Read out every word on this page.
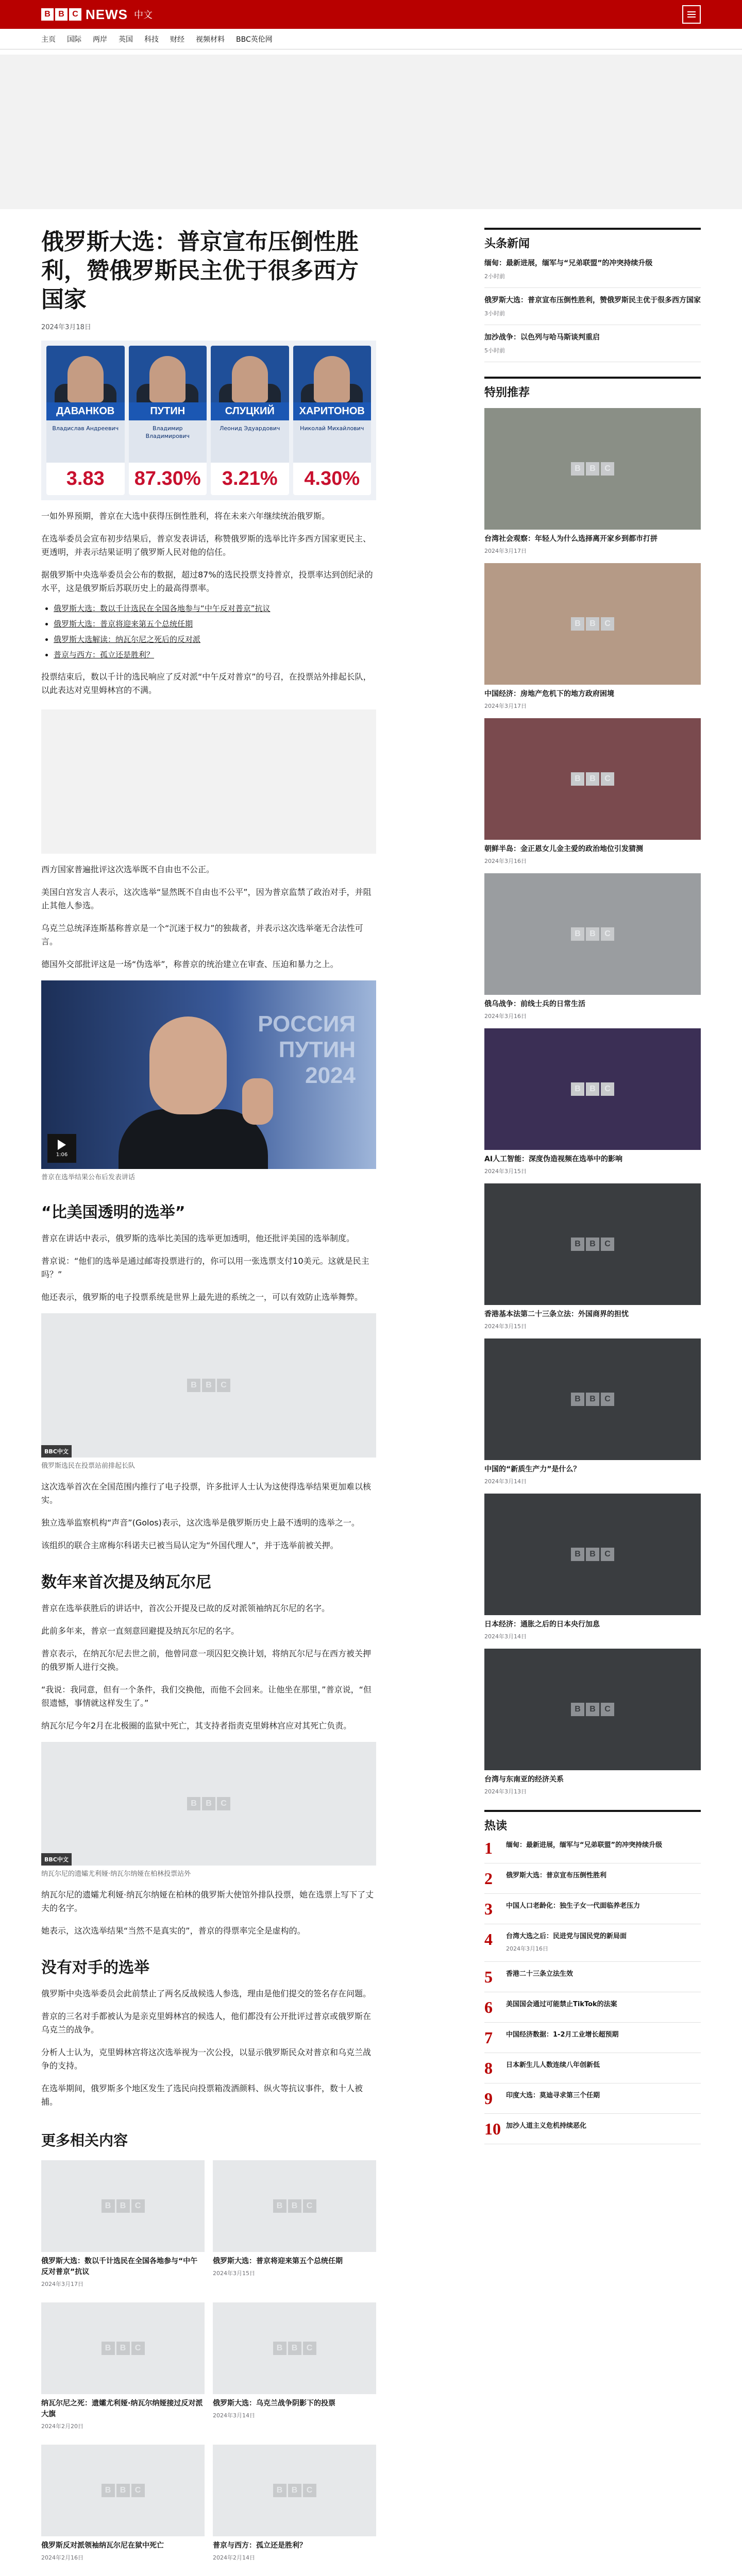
B B C NEWS 中文
主页 国际 两岸 英国 科技 财经 视频材料 BBC英伦网
俄罗斯大选：普京宣布压倒性胜利，赞俄罗斯民主优于很多西方国家
2024年3月18日
ДАВАНКОВ
Владислав Андреевич
3.83
ПУТИН
Владимир Владимирович
87.30%
СЛУЦКИЙ
Леонид Эдуардович
3.21%
ХАРИТОНОВ
Николай Михайлович
4.30%

一如外界预期，普京在大选中获得压倒性胜利，将在未来六年继续统治俄罗斯。

在选举委员会宣布初步结果后，普京发表讲话，称赞俄罗斯的选举比许多西方国家更民主、更透明，并表示结果证明了俄罗斯人民对他的信任。

据俄罗斯中央选举委员会公布的数据，超过87%的选民投票支持普京，投票率达到创纪录的水平，这是俄罗斯后苏联历史上的最高得票率。

• 俄罗斯大选：数以千计选民在全国各地参与“中午反对普京”抗议
• 俄罗斯大选：普京将迎来第五个总统任期
• 俄罗斯大选解读：纳瓦尔尼之死后的反对派
• 普京与西方：孤立还是胜利？

投票结束后，数以千计的选民响应了反对派“中午反对普京”的号召，在投票站外排起长队，以此表达对克里姆林宫的不满。

西方国家普遍批评这次选举既不自由也不公正。

美国白宫发言人表示，这次选举“显然既不自由也不公平”，因为普京监禁了政治对手，并阻止其他人参选。

乌克兰总统泽连斯基称普京是一个“沉迷于权力”的独裁者，并表示这次选举毫无合法性可言。

德国外交部批评这是一场“伪选举”，称普京的统治建立在审查、压迫和暴力之上。

РОССИЯ
ПУТИН
2024
1:06
普京在选举结果公布后发表讲话
“比美国透明的选举”

普京在讲话中表示，俄罗斯的选举比美国的选举更加透明，他还批评美国的选举制度。

普京说：“他们的选举是通过邮寄投票进行的，你可以用一张选票支付10美元。这就是民主吗？”

他还表示，俄罗斯的电子投票系统是世界上最先进的系统之一，可以有效防止选举舞弊。

B	B	C
BBC中文
俄罗斯选民在投票站前排起长队

这次选举首次在全国范围内推行了电子投票，许多批评人士认为这使得选举结果更加难以核实。

独立选举监察机构“声音”(Golos)表示，这次选举是俄罗斯历史上最不透明的选举之一。

该组织的联合主席梅尔科诺夫已被当局认定为“外国代理人”，并于选举前被关押。

数年来首次提及纳瓦尔尼

普京在选举获胜后的讲话中，首次公开提及已故的反对派领袖纳瓦尔尼的名字。

此前多年来，普京一直刻意回避提及纳瓦尔尼的名字。

普京表示，在纳瓦尔尼去世之前，他曾同意一项囚犯交换计划，将纳瓦尔尼与在西方被关押的俄罗斯人进行交换。

“我说：我同意，但有一个条件，我们交换他，而他不会回来。让他坐在那里，”普京说，“但很遗憾，事情就这样发生了。”

纳瓦尔尼今年2月在北极圈的监狱中死亡，其支持者指责克里姆林宫应对其死亡负责。

B	B	C
BBC中文
纳瓦尔尼的遗孀尤利娅·纳瓦尔纳娅在柏林投票站外

纳瓦尔尼的遗孀尤利娅·纳瓦尔纳娅在柏林的俄罗斯大使馆外排队投票，她在选票上写下了丈夫的名字。

她表示，这次选举结果“当然不是真实的”，普京的得票率完全是虚构的。

没有对手的选举

俄罗斯中央选举委员会此前禁止了两名反战候选人参选，理由是他们提交的签名存在问题。

普京的三名对手都被认为是亲克里姆林宫的候选人，他们都没有公开批评过普京或俄罗斯在乌克兰的战争。

分析人士认为，克里姆林宫将这次选举视为一次公投，以显示俄罗斯民众对普京和乌克兰战争的支持。

在选举期间，俄罗斯多个地区发生了选民向投票箱泼洒颜料、纵火等抗议事件，数十人被捕。

更多相关内容
B	B	C
俄罗斯大选：数以千计选民在全国各地参与“中午反对普京”抗议
2024年3月17日
B	B	C
俄罗斯大选：普京将迎来第五个总统任期
2024年3月15日
B	B	C
纳瓦尔尼之死：遗孀尤利娅·纳瓦尔纳娅接过反对派大旗
2024年2月20日
B	B	C
俄罗斯大选：乌克兰战争阴影下的投票
2024年3月14日
B	B	C
俄罗斯反对派领袖纳瓦尔尼在狱中死亡
2024年2月16日
B	B	C
普京与西方：孤立还是胜利？
2024年2月14日
头条新闻
缅甸：最新进展，缅军与“兄弟联盟”的冲突持续升级
2小时前
俄罗斯大选：普京宣布压倒性胜利，赞俄罗斯民主优于很多西方国家
3小时前
加沙战争：以色列与哈马斯谈判重启
5小时前
特别推荐
B	B	C
台湾社会观察：年轻人为什么选择离开家乡到都市打拼
2024年3月17日
B	B	C
中国经济：房地产危机下的地方政府困境
2024年3月17日
B	B	C
朝鲜半岛：金正恩女儿金主爱的政治地位引发猜测
2024年3月16日
B	B	C
俄乌战争：前线士兵的日常生活
2024年3月16日
B	B	C
AI人工智能：深度伪造视频在选举中的影响
2024年3月15日
B	B	C
香港基本法第二十三条立法：外国商界的担忧
2024年3月15日
B	B	C
中国的“新质生产力”是什么？
2024年3月14日
B	B	C
日本经济：通胀之后的日本央行加息
2024年3月14日
B	B	C
台湾与东南亚的经济关系
2024年3月13日
热读
1	缅甸：最新进展，缅军与“兄弟联盟”的冲突持续升级
2	俄罗斯大选：普京宣布压倒性胜利
3	中国人口老龄化：独生子女一代面临养老压力
4	台湾大选之后：民进党与国民党的新局面
2024年3月16日
5	香港二十三条立法生效
6	美国国会通过可能禁止TikTok的法案
7	中国经济数据：1-2月工业增长超预期
8	日本新生儿人数连续八年创新低
9	印度大选：莫迪寻求第三个任期
10 加沙人道主义危机持续恶化
